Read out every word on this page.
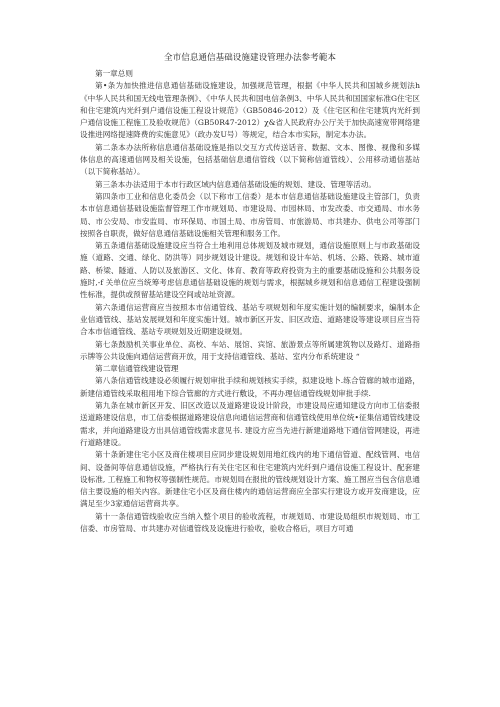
全市信息通信基础设施建设管理办法参考範本

第一章总则

第•条为加快推进信息通信基础设施建设，加强规范管理，根据《中华人民共和国城乡规划法h《中华人民共和国无线电管理条例》、《中华人民共和国电信条例3、中华人民共和国国家标准G住宅区和住宅建筑内光纤到户通信设施工程设计规范》（GB50846-2012）及《住宅区和住宅建筑内光纤到户通信设施工程施工及验收规范》（GB50R47-2012）χ&省人民政府办公厅关于加快高速宽带网络建设推进网络提速降费的实施意见》（政办发U号）等规定，结合本市实际，制定本办法。

第二条本办法所称信息通信基础设施是指以交互方式传送话音、数据、文本、图像、视像和多媒体信息的高速通信网及相关设施，包括基础信息通信管线（以下简称信道管线）、公用移动通信基站（以下简称基站）。

第三条本办法适用于本市行政区域内信息通信基础设施的规划、建设、管理等活动。

第四条市工业和信息化委员会（以下称市工信委）是本市信息通信基础设施建设主管部门，负责本市信息通信基础设施监督管理工作市规划局、市建设局、市园林局、市发改委、市交通局、市水务局、市公安局、市安监局、市环保局、市国土局、市房管局、市旅游局、市共建办、供电公司等部门按照各自职责，做好信息通信基础设施相关管理和服务工作。

第五条通信基础设施建设应当符合土地利用总体规划及城市规划，通信设施原则上与市政基础设施（道路、交通、绿化、防洪等）同步规划设计建设。规划和设计车站、机场、公路、铁路、城市道路、桥梁、隧道、人防以及旅游区、文化、体育、教育等政府投资为主的重要基础设施和公共服务设施时,-f 关单位应当统筹考虑信息通信基础设施的规划与需求，根据城乡规划和信息通信工程建设强制性标准，提供或预留基站建设空间或站址资源。

第六条通信运营商应当按照本市信通管线、基站专项规划和年度实施计划的编制要求，编制本企业信通管线、基站发展规划和年度实施计划。城市新区开发、旧区改造、道路建设等建设项目应当符合本市信通管线、基站专项规划及近期建设规划。

第七条鼓励机关事业单位、高校、车站、展馆、宾馆、旅游景点等所属建筑物以及路灯、道路指示牌等公共设施向通信运营商开放，用于支持信通管线、基站、室内分布系统建设 “

第二章信通管线建设管理

第八条信通管线建设必须履行规划审批手续和规划核实手续，拟建设地卜.练合管廊的城市道路，新建信通管线采取租用地下综合管廊的方式进行敷设，不再办理信通管线规划审批手续.

第九条在城市新区开发、旧区改造以及道路建设设计阶段，市建设局应通知建设方向市工信委报送道路建设信息，市工信委根据道路建设信息向通信运营商和信通管线使用单位统•征集信通管线建设需求，并向道路建设方出具信通管线需求意见书. 建设方应当先进行新建道路地下通信管网建设，再进行道路建设。

第十条新建住宅小区及商住楼项目应同步建设规划用地红线内的地下通信管道、配线管网、电信间、设备间等信息通信设施，严格执行有关住宅区和住宅建筑内光纤到户通信设施工程设计、配套建设标准, 工程施工和物权等强制性规范。市规划局在报批的管线规划设计方案、施工图应当包含信息通信主要设施的相关内容。新建住宅小区及商住楼内的通信运营商应全部实行建设方或开发商建设，应满足至少3家通信运营商共享。

第十一条信通管线验收应当纳入整个项目的验收流程，市规划局、市建设局组织市规划局、市工信委、市房管局、市共建办对信通管线及设施进行验收，验收合格后，项目方可通
